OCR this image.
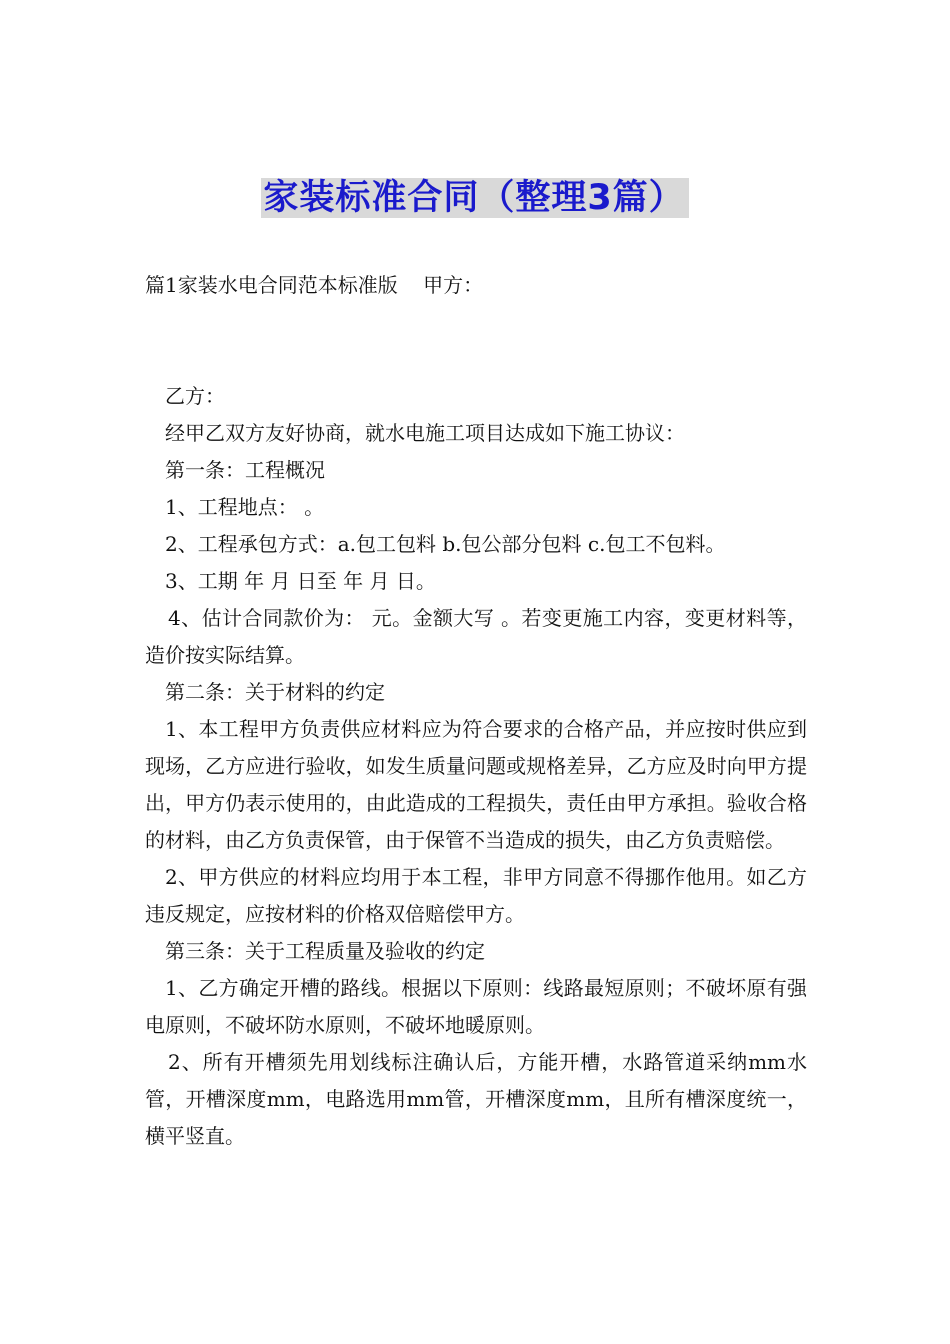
家装标准合同（整理3篇）
篇1家装水电合同范本标准版    甲方：

乙方：

经甲乙双方友好协商，就水电施工项目达成如下施工协议：

第一条：工程概况

1、工程地点： 。

2、工程承包方式：a.包工包料 b.包公部分包料 c.包工不包料。

3、工期 年 月 日至 年 月 日。

4、估计合同款价为： 元。金额大写 。若变更施工内容，变更材料等，造价按实际结算。

第二条：关于材料的约定

1、本工程甲方负责供应材料应为符合要求的合格产品，并应按时供应到现场，乙方应进行验收，如发生质量问题或规格差异，乙方应及时向甲方提出，甲方仍表示使用的，由此造成的工程损失，责任由甲方承担。验收合格的材料，由乙方负责保管，由于保管不当造成的损失，由乙方负责赔偿。

2、甲方供应的材料应均用于本工程，非甲方同意不得挪作他用。如乙方违反规定，应按材料的价格双倍赔偿甲方。

第三条：关于工程质量及验收的约定

1、乙方确定开槽的路线。根据以下原则：线路最短原则；不破坏原有强电原则，不破坏防水原则，不破坏地暖原则。

2、所有开槽须先用划线标注确认后，方能开槽，水路管道采纳mm水管，开槽深度mm，电路选用mm管，开槽深度mm，且所有槽深度统一，横平竖直。
